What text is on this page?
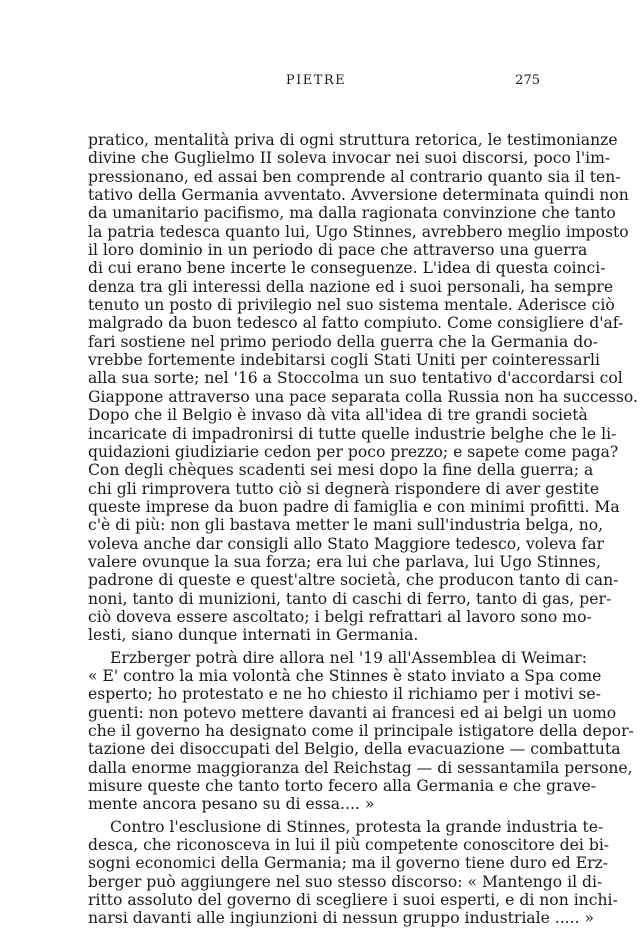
PIETRE	275
pratico, mentalità priva di ogni struttura retorica, le testimonianze
divine che Guglielmo II soleva invocar nei suoi discorsi, poco l'im-
pressionano, ed assai ben comprende al contrario quanto sia il ten-
tativo della Germania avventato. Avversione determinata quindi non
da umanitario pacifismo, ma dalla ragionata convinzione che tanto
la patria tedesca quanto lui, Ugo Stinnes, avrebbero meglio imposto
il loro dominio in un periodo di pace che attraverso una guerra
di cui erano bene incerte le conseguenze. L'idea di questa coinci-
denza tra gli interessi della nazione ed i suoi personali, ha sempre
tenuto un posto di privilegio nel suo sistema mentale. Aderisce ciò
malgrado da buon tedesco al fatto compiuto. Come consigliere d'af-
fari sostiene nel primo periodo della guerra che la Germania do-
vrebbe fortemente indebitarsi cogli Stati Uniti per cointeressarli
alla sua sorte; nel '16 a Stoccolma un suo tentativo d'accordarsi col
Giappone attraverso una pace separata colla Russia non ha successo.
Dopo che il Belgio è invaso dà vita all'idea di tre grandi società
incaricate di impadronirsi di tutte quelle industrie belghe che le li-
quidazioni giudiziarie cedon per poco prezzo; e sapete come paga?
Con degli chèques scadenti sei mesi dopo la fine della guerra; a
chi gli rimprovera tutto ciò si degnerà rispondere di aver gestite
queste imprese da buon padre di famiglia e con minimi profitti. Ma
c'è di più: non gli bastava metter le mani sull'industria belga, no,
voleva anche dar consigli allo Stato Maggiore tedesco, voleva far
valere ovunque la sua forza; era lui che parlava, lui Ugo Stinnes,
padrone di queste e quest'altre società, che producon tanto di can-
noni, tanto di munizioni, tanto di caschi di ferro, tanto di gas, per-
ciò doveva essere ascoltato; i belgi refrattari al lavoro sono mo-
lesti, siano dunque internati in Germania.
Erzberger potrà dire allora nel '19 all'Assemblea di Weimar:
« E' contro la mia volontà che Stinnes è stato inviato a Spa come
esperto; ho protestato e ne ho chiesto il richiamo per i motivi se-
guenti: non potevo mettere davanti ai francesi ed ai belgi un uomo
che il governo ha designato come il principale istigatore della depor-
tazione dei disoccupati del Belgio, della evacuazione — combattuta
dalla enorme maggioranza del Reichstag — di sessantamila persone,
misure queste che tanto torto fecero alla Germania e che grave-
mente ancora pesano su di essa.... »
Contro l'esclusione di Stinnes, protesta la grande industria te-
desca, che riconosceva in lui il più competente conoscitore dei bi-
sogni economici della Germania; ma il governo tiene duro ed Erz-
berger può aggiungere nel suo stesso discorso: « Mantengo il di-
ritto assoluto del governo di scegliere i suoi esperti, e di non inchi-
narsi davanti alle ingiunzioni di nessun gruppo industriale ..... »
